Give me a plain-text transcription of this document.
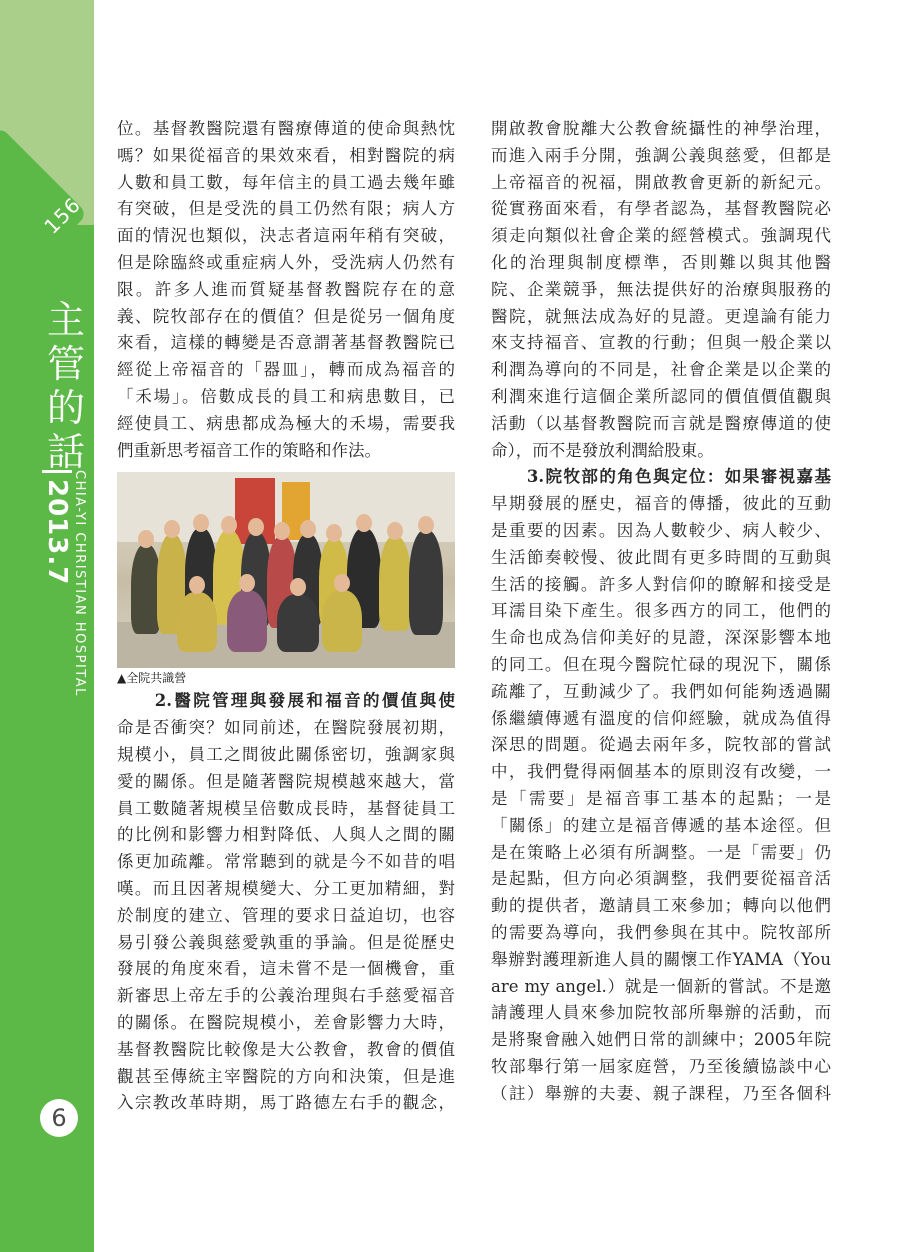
156
主
管
的
話
2013.7 CHIA-YI CHRISTIAN HOSPITAL
6
位。基督教醫院還有醫療傳道的使命與熱忱
嗎？如果從福音的果效來看，相對醫院的病
人數和員工數，每年信主的員工過去幾年雖
有突破，但是受洗的員工仍然有限；病人方
面的情況也類似，決志者這兩年稍有突破，
但是除臨終或重症病人外，受洗病人仍然有
限。許多人進而質疑基督教醫院存在的意
義、院牧部存在的價值？但是從另一個角度
來看，這樣的轉變是否意謂著基督教醫院已
經從上帝福音的「器皿」，轉而成為福音的
「禾場」。倍數成長的員工和病患數目，已
經使員工、病患都成為極大的禾場，需要我
們重新思考福音工作的策略和作法。
▲全院共識營
　　2.醫院管理與發展和福音的價值與使
命是否衝突？如同前述，在醫院發展初期，
規模小，員工之間彼此關係密切，強調家與
愛的關係。但是隨著醫院規模越來越大，當
員工數隨著規模呈倍數成長時，基督徒員工
的比例和影響力相對降低、人與人之間的關
係更加疏離。常常聽到的就是今不如昔的唱
嘆。而且因著規模變大、分工更加精細，對
於制度的建立、管理的要求日益迫切，也容
易引發公義與慈愛孰重的爭論。但是從歷史
發展的角度來看，這未嘗不是一個機會，重
新審思上帝左手的公義治理與右手慈愛福音
的關係。在醫院規模小，差會影響力大時，
基督教醫院比較像是大公教會，教會的價值
觀甚至傳統主宰醫院的方向和決策，但是進
入宗教改革時期，馬丁路德左右手的觀念，
開啟教會脫離大公教會統攝性的神學治理，
而進入兩手分開，強調公義與慈愛，但都是
上帝福音的祝福，開啟教會更新的新紀元。
從實務面來看，有學者認為，基督教醫院必
須走向類似社會企業的經營模式。強調現代
化的治理與制度標準，否則難以與其他醫
院、企業競爭，無法提供好的治療與服務的
醫院，就無法成為好的見證。更遑論有能力
來支持福音、宣教的行動；但與一般企業以
利潤為導向的不同是，社會企業是以企業的
利潤來進行這個企業所認同的價值價值觀與
活動（以基督教醫院而言就是醫療傳道的使
命），而不是發放利潤給股東。
　　3.院牧部的角色與定位：如果審視嘉基
早期發展的歷史，福音的傳播，彼此的互動
是重要的因素。因為人數較少、病人較少、
生活節奏較慢、彼此間有更多時間的互動與
生活的接觸。許多人對信仰的瞭解和接受是
耳濡目染下產生。很多西方的同工，他們的
生命也成為信仰美好的見證，深深影響本地
的同工。但在現今醫院忙碌的現況下，關係
疏離了，互動減少了。我們如何能夠透過關
係繼續傳遞有溫度的信仰經驗，就成為值得
深思的問題。從過去兩年多，院牧部的嘗試
中，我們覺得兩個基本的原則沒有改變，一
是「需要」是福音事工基本的起點；一是
「關係」的建立是福音傳遞的基本途徑。但
是在策略上必須有所調整。一是「需要」仍
是起點，但方向必須調整，我們要從福音活
動的提供者，邀請員工來參加；轉向以他們
的需要為導向，我們參與在其中。院牧部所
舉辦對護理新進人員的關懷工作YAMA（You
are my angel.）就是一個新的嘗試。不是邀
請護理人員來參加院牧部所舉辦的活動，而
是將聚會融入她們日常的訓練中；2005年院
牧部舉行第一屆家庭營，乃至後續協談中心
（註）舉辦的夫妻、親子課程，乃至各個科
